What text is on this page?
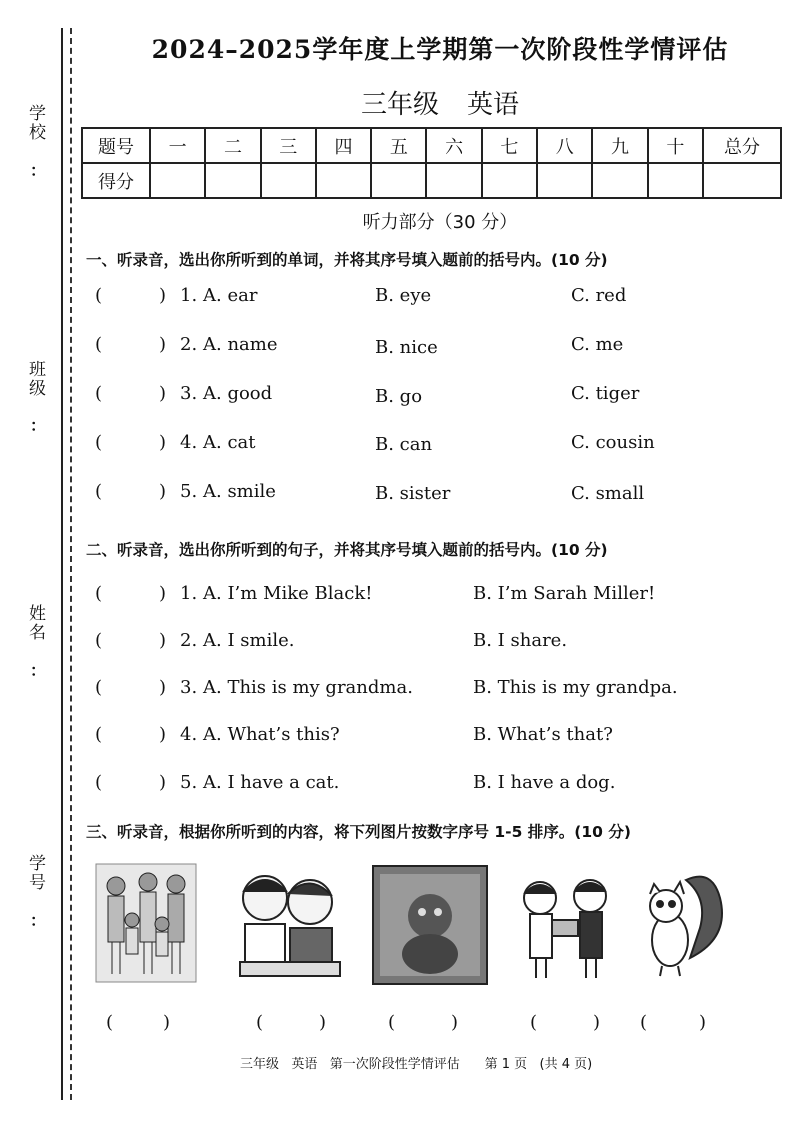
学校
：
班级
：
姓名
：
学号
：
2024–2025学年度上学期第一次阶段性学情评估
三年级 英语
题号	一	二	三	四	五	六	七	八	九	十	总分
得分											
听力部分（30 分）
一、听录音，选出你所听到的单词，并将其序号填入题前的括号内。(10 分)
(	) 1. A. ear	B. eye	C. red
(	) 2. A. name	B. nice	C. me
(	) 3. A. good	B. go	C. tiger
(	) 4. A. cat	B. can	C. cousin
(	) 5. A. smile	B. sister	C. small
二、听录音，选出你所听到的句子，并将其序号填入题前的括号内。(10 分)
(	) 1. A. I’m Mike Black!	B. I’m Sarah Miller!
(	) 2. A. I smile.	B. I share.
(	) 3. A. This is my grandma.	B. This is my grandpa.
(	) 4. A. What’s this?	B. What’s that?
(	) 5. A. I have a cat.	B. I have a dog.
三、听录音，根据你所听到的内容，将下列图片按数字序号 1-5 排序。(10 分)
(	)	(	)	(	)	(	) (	)
三年级   英语   第一次阶段性学情评估      第 1 页   (共 4 页)
